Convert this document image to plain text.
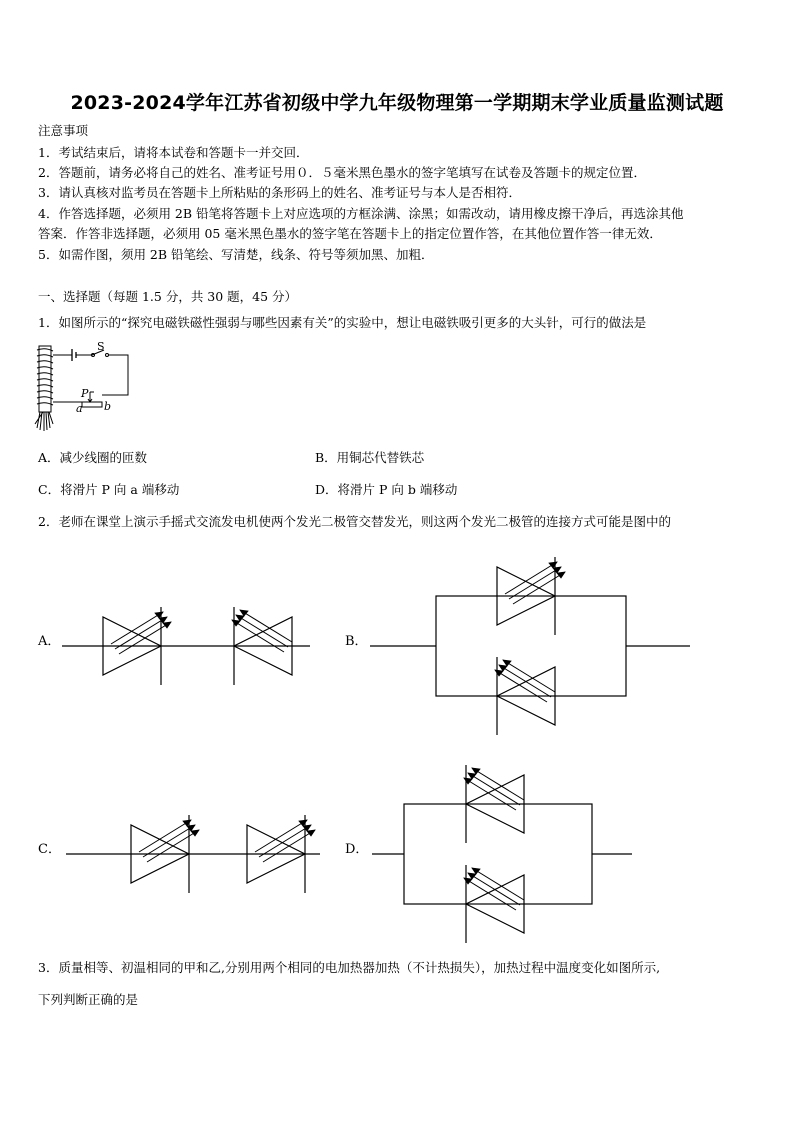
2023-2024学年江苏省初级中学九年级物理第一学期期末学业质量监测试题
注意事项
1．考试结束后，请将本试卷和答题卡一并交回．
2．答题前，请务必将自己的姓名、准考证号用０．５毫米黑色墨水的签字笔填写在试卷及答题卡的规定位置．
3．请认真核对监考员在答题卡上所粘贴的条形码上的姓名、准考证号与本人是否相符．
4．作答选择题，必须用 2B 铅笔将答题卡上对应选项的方框涂满、涂黑；如需改动，请用橡皮擦干净后，再选涂其他
答案．作答非选择题，必须用 05 毫米黑色墨水的签字笔在答题卡上的指定位置作答，在其他位置作答一律无效．
5．如需作图，须用 2B 铅笔绘、写清楚，线条、符号等须加黑、加粗．
一、选择题（每题 1.5 分，共 30 题，45 分）
1．如图所示的“探究电磁铁磁性强弱与哪些因素有关”的实验中，想让电磁铁吸引更多的大头针，可行的做法是
S
P
a b
A．减少线圈的匝数	B．用铜芯代替铁芯
C．将滑片 P 向 a 端移动	D．将滑片 P 向 b 端移动
2．老师在课堂上演示手摇式交流发电机使两个发光二极管交替发光，则这两个发光二极管的连接方式可能是图中的
A．	B．
C．	D．
3．质量相等、初温相同的甲和乙,分别用两个相同的电加热器加热（不计热损失），加热过程中温度变化如图所示,
下列判断正确的是
